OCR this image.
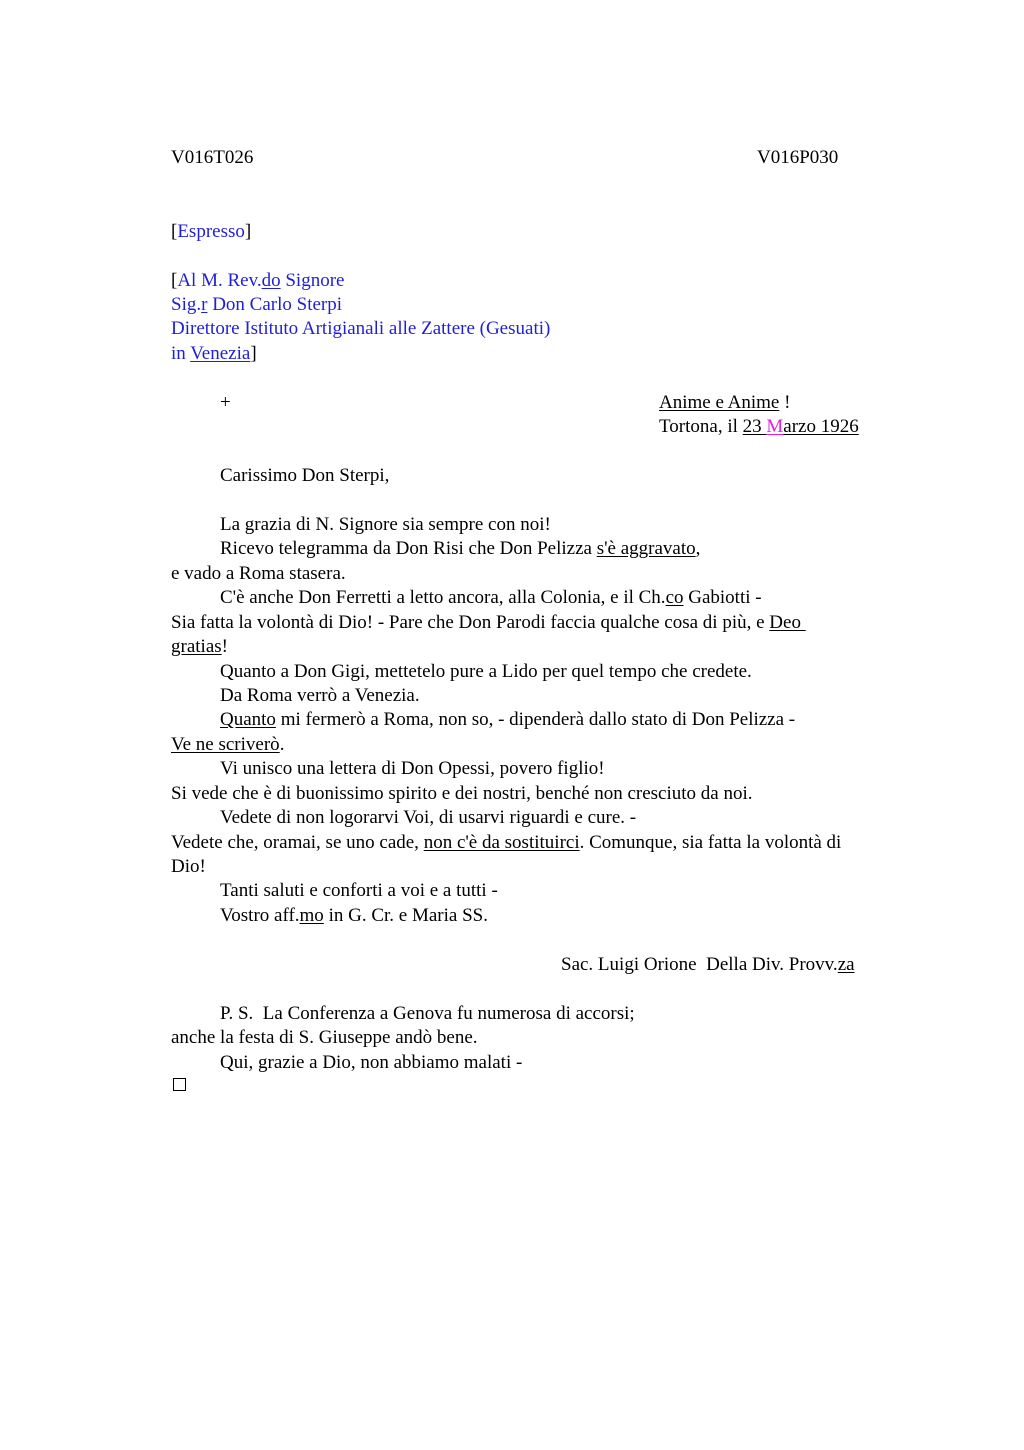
V016T026	V016P030
[Espresso]
[Al M. Rev.do Signore
Sig.r Don Carlo Sterpi
Direttore Istituto Artigianali alle Zattere (Gesuati)
in Venezia]
+	Anime e Anime !
Tortona, il 23 Marzo 1926
Carissimo Don Sterpi,
La grazia di N. Signore sia sempre con noi!
Ricevo telegramma da Don Risi che Don Pelizza s'è aggravato,
e vado a Roma stasera.
C'è anche Don Ferretti a letto ancora, alla Colonia, e il Ch.co Gabiotti -
Sia fatta la volontà di Dio! - Pare che Don Parodi faccia qualche cosa di più, e Deo
gratias!
Quanto a Don Gigi, mettetelo pure a Lido per quel tempo che credete.
Da Roma verrò a Venezia.
Quanto mi fermerò a Roma, non so, - dipenderà dallo stato di Don Pelizza -
Ve ne scriverò.
Vi unisco una lettera di Don Opessi, povero figlio!
Si vede che è di buonissimo spirito e dei nostri, benché non cresciuto da noi.
Vedete di non logorarvi Voi, di usarvi riguardi e cure. -
Vedete che, oramai, se uno cade, non c'è da sostituirci. Comunque, sia fatta la volontà di
Dio!
Tanti saluti e conforti a voi e a tutti -
Vostro aff.mo in G. Cr. e Maria SS.
Sac. Luigi Orione  Della Div. Provv.za
P. S.  La Conferenza a Genova fu numerosa di accorsi;
anche la festa di S. Giuseppe andò bene.
Qui, grazie a Dio, non abbiamo malati -
